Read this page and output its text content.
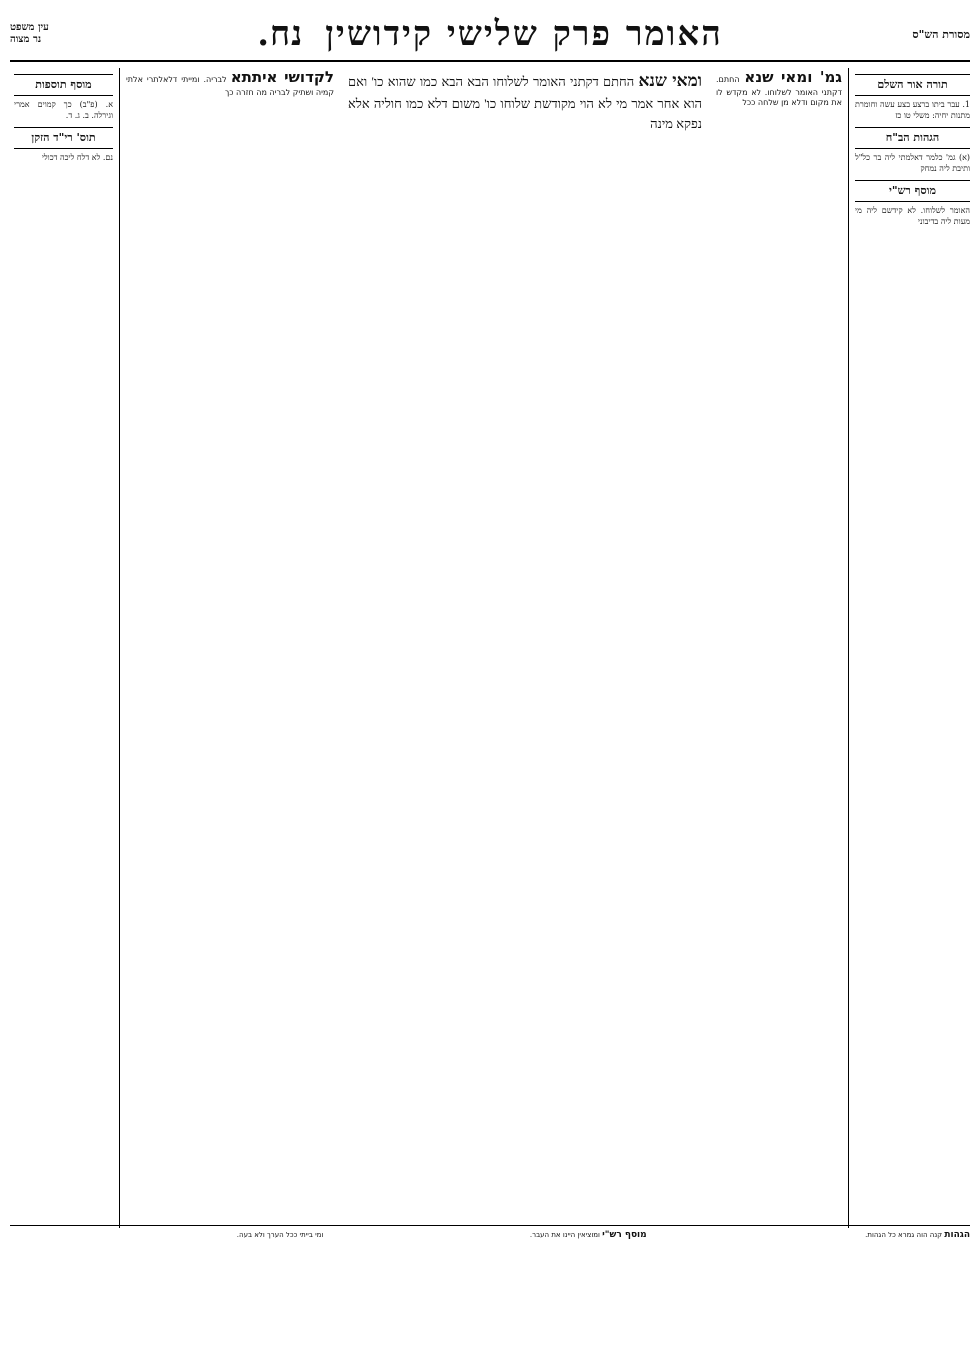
מסורת הש"ס
האומר פרק שלישי קידושין
נח.
עין משפט
נר מצוה
תורה אור השלם
1. עבר ביתו ברצע בצע עשה וחומרת מתנות יחיה: משלי טו כז
הגהות הב"ח
(א) גמ' כלמר דאלמתי ליה בר כל"ל ותיבת ליה נמחק
מוסף רש"י
האומר לשלוחו. לא קידשם ליה מי מעות ליה בדיבוני
גמ' ומאי שנא החתם. דקתני האומר לשלוחו. לא מקדש לו את מקום ודלא מן שלחה ככל
ומאי שנא החתם דקתני האומר לשלוחו הבא הבא כמו שהוא כו' ואם הוא אחר אמר מי לא הוי מקודשת שלוחו כו' משום דלא כמו חוליה אלא נפקא מינה
לקדושי איתתא לבריה. ומייתי דלאלתרי אלתי קמיה ושתיק לבריה מה חזרה כך
מוסף תוספות
א. (פ"ב) כך קמוים אמרי וגירלה. ב. ג. ד.
תוס' רי"ד הזקן
נם. לא דלח ליכה דכולי
הגהות קנה הוה גמרא כל הגהות.
מוסף רש"י ומוציאין היינו את העבר.
ומי בייתי ככל הערך ולא בעה.
